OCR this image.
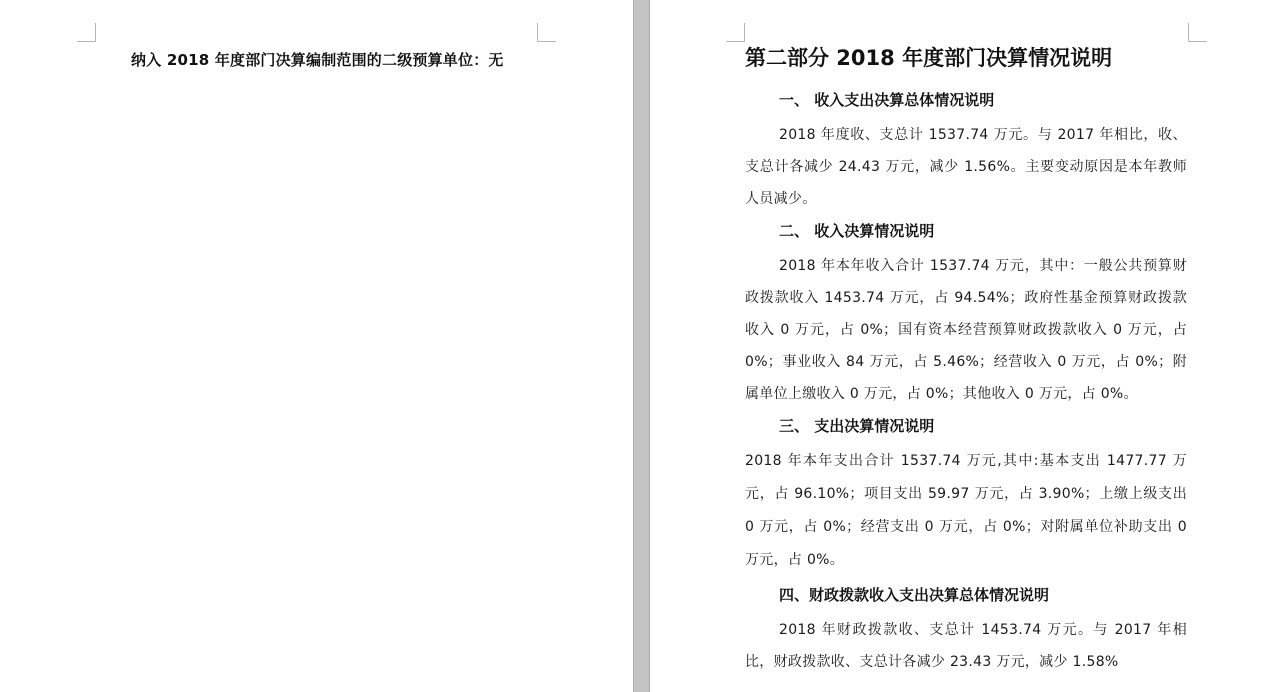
纳入 2018 年度部门决算编制范围的二级预算单位：无	第二部分 2018 年度部门决算情况说明
一、 收入支出决算总体情况说明
2018 年度收、支总计 1537.74 万元。与 2017 年相比，收、支总计各减少 24.43 万元，减少 1.56%。主要变动原因是本年教师人员减少。
二、 收入决算情况说明
2018 年本年收入合计 1537.74 万元，其中：一般公共预算财政拨款收入 1453.74 万元，占 94.54%；政府性基金预算财政拨款收入 0 万元，占 0%；国有资本经营预算财政拨款收入 0 万元，占 0%；事业收入 84 万元，占 5.46%；经营收入 0 万元，占 0%；附属单位上缴收入 0 万元，占 0%；其他收入 0 万元，占 0%。
三、 支出决算情况说明
2018 年本年支出合计 1537.74 万元,其中:基本支出 1477.77 万元，占 96.10%；项目支出 59.97 万元，占 3.90%；上缴上级支出 0 万元，占 0%；经营支出 0 万元，占 0%；对附属单位补助支出 0 万元，占 0%。
四、财政拨款收入支出决算总体情况说明
2018 年财政拨款收、支总计 1453.74 万元。与 2017 年相比，财政拨款收、支总计各减少 23.43 万元，减少 1.58%
